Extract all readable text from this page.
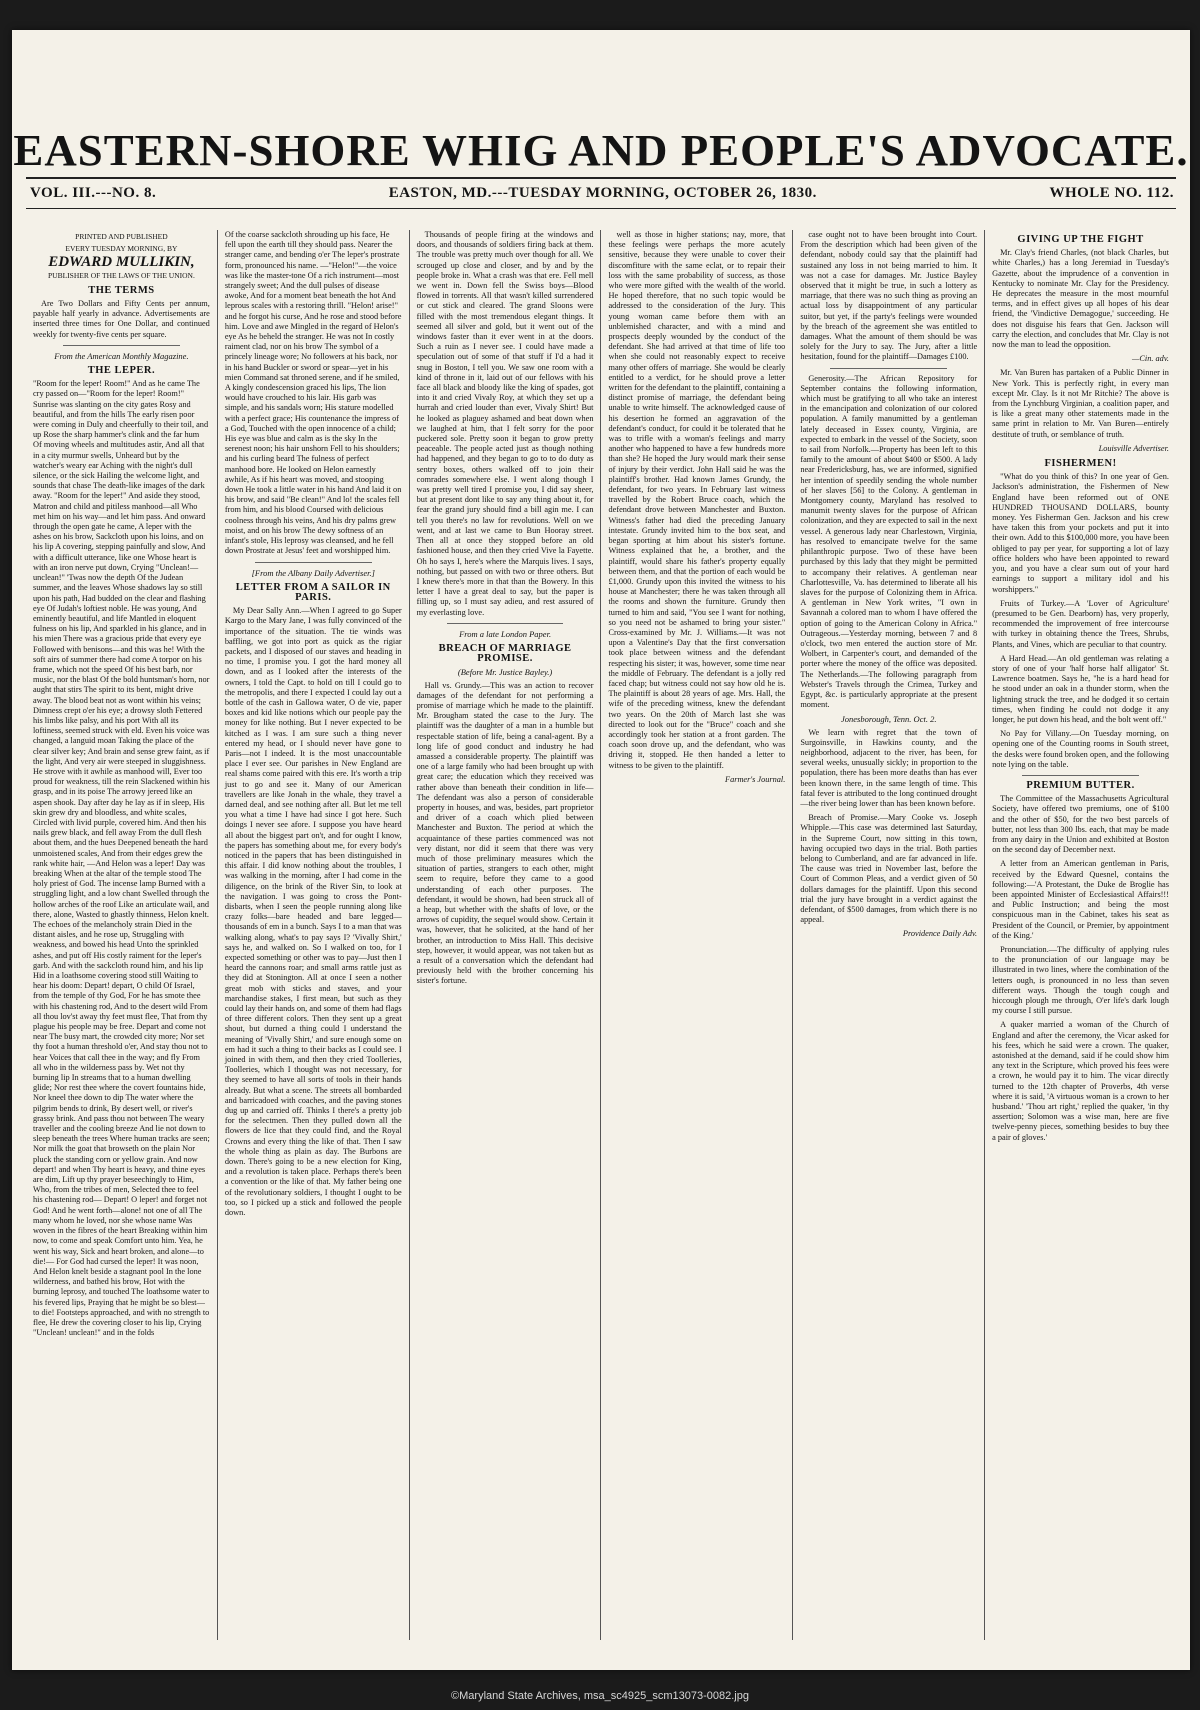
EASTERN-SHORE WHIG AND PEOPLE'S ADVOCATE.
VOL. III.---NO. 8.	EASTON, MD.---TUESDAY MORNING, OCTOBER 26, 1830.	WHOLE NO. 112.
PRINTED AND PUBLISHED
EVERY TUESDAY MORNING, BY
EDWARD MULLIKIN,
PUBLISHER OF THE LAWS OF THE UNION.
THE TERMS

Are Two Dollars and Fifty Cents per annum, payable half yearly in advance. Advertisements are inserted three times for One Dollar, and continued weekly for twenty-five cents per square.

From the American Monthly Magazine.
THE LEPER.

"Room for the leper! Room!" And as he came The cry passed on—"Room for the leper! Room!" Sunrise was slanting on the city gates Rosy and beautiful, and from the hills The early risen poor were coming in Duly and cheerfully to their toil, and up Rose the sharp hammer's clink and the far hum Of moving wheels and multitudes astir, And all that in a city murmur swells, Unheard but by the watcher's weary ear Aching with the night's dull silence, or the sick Hailing the welcome light, and sounds that chase The death-like images of the dark away. "Room for the leper!" And aside they stood, Matron and child and pitiless manhood—all Who met him on his way—and let him pass. And onward through the open gate he came, A leper with the ashes on his brow, Sackcloth upon his loins, and on his lip A covering, stepping painfully and slow, And with a difficult utterance, like one Whose heart is with an iron nerve put down, Crying "Unclean!—unclean!" 'Twas now the depth Of the Judean summer, and the leaves Whose shadows lay so still upon his path, Had budded on the clear and flashing eye Of Judah's loftiest noble. He was young, And eminently beautiful, and life Mantled in eloquent fulness on his lip, And sparkled in his glance, and in his mien There was a gracious pride that every eye Followed with benisons—and this was he! With the soft airs of summer there had come A torpor on his frame, which not the speed Of his best barb, nor music, nor the blast Of the bold huntsman's horn, nor aught that stirs The spirit to its bent, might drive away. The blood beat not as wont within his veins; Dimness crept o'er his eye; a drowsy sloth Fettered his limbs like palsy, and his port With all its loftiness, seemed struck with eld. Even his voice was changed, a languid moan Taking the place of the clear silver key; And brain and sense grew faint, as if the light, And very air were steeped in sluggishness. He strove with it awhile as manhood will, Ever too proud for weakness, till the rein Slackened within his grasp, and in its poise The arrowy jereed like an aspen shook. Day after day he lay as if in sleep, His skin grew dry and bloodless, and white scales, Circled with livid purple, covered him. And then his nails grew black, and fell away From the dull flesh about them, and the hues Deepened beneath the hard unmoistened scales, And from their edges grew the rank white hair, —And Helon was a leper! Day was breaking When at the altar of the temple stood The holy priest of God. The incense lamp Burned with a struggling light, and a low chant Swelled through the hollow arches of the roof Like an articulate wail, and there, alone, Wasted to ghastly thinness, Helon knelt. The echoes of the melancholy strain Died in the distant aisles, and he rose up, Struggling with weakness, and bowed his head Unto the sprinkled ashes, and put off His costly raiment for the leper's garb. And with the sackcloth round him, and his lip Hid in a loathsome covering stood still Waiting to hear his doom: Depart! depart, O child Of Israel, from the temple of thy God, For he has smote thee with his chastening rod, And to the desert wild From all thou lov'st away thy feet must flee, That from thy plague his people may be free. Depart and come not near The busy mart, the crowded city more; Nor set thy foot a human threshold o'er, And stay thou not to hear Voices that call thee in the way; and fly From all who in the wilderness pass by. Wet not thy burning lip In streams that to a human dwelling glide; Nor rest thee where the covert fountains hide, Nor kneel thee down to dip The water where the pilgrim bends to drink, By desert well, or river's grassy brink. And pass thou not between The weary traveller and the cooling breeze And lie not down to sleep beneath the trees Where human tracks are seen; Nor milk the goat that browseth on the plain Nor pluck the standing corn or yellow grain. And now depart! and when Thy heart is heavy, and thine eyes are dim, Lift up thy prayer beseechingly to Him, Who, from the tribes of men, Selected thee to feel his chastening rod— Depart! O leper! and forget not God! And he went forth—alone! not one of all The many whom he loved, nor she whose name Was woven in the fibres of the heart Breaking within him now, to come and speak Comfort unto him. Yea, he went his way, Sick and heart broken, and alone—to die!— For God had cursed the leper! It was noon, And Helon knelt beside a stagnant pool In the lone wilderness, and bathed his brow, Hot with the burning leprosy, and touched The loathsome water to his fevered lips, Praying that he might be so blest—to die! Footsteps approached, and with no strength to flee, He drew the covering closer to his lip, Crying "Unclean! unclean!" and in the folds

Of the coarse sackcloth shrouding up his face, He fell upon the earth till they should pass. Nearer the stranger came, and bending o'er The leper's prostrate form, pronounced his name. —"Helon!"—the voice was like the master-tone Of a rich instrument—most strangely sweet; And the dull pulses of disease awoke, And for a moment beat beneath the hot And leprous scales with a restoring thrill. "Helon! arise!" and he forgot his curse, And he rose and stood before him. Love and awe Mingled in the regard of Helon's eye As he beheld the stranger. He was not In costly raiment clad, nor on his brow The symbol of a princely lineage wore; No followers at his back, nor in his hand Buckler or sword or spear—yet in his mien Command sat throned serene, and if he smiled, A kingly condescension graced his lips, The lion would have crouched to his lair. His garb was simple, and his sandals worn; His stature modelled with a perfect grace; His countenance the impress of a God, Touched with the open innocence of a child; His eye was blue and calm as is the sky In the serenest noon; his hair unshorn Fell to his shoulders; and his curling beard The fulness of perfect manhood bore. He looked on Helon earnestly awhile, As if his heart was moved, and stooping down He took a little water in his hand And laid it on his brow, and said "Be clean!" And lo! the scales fell from him, and his blood Coursed with delicious coolness through his veins, And his dry palms grew moist, and on his brow The dewy softness of an infant's stole, His leprosy was cleansed, and he fell down Prostrate at Jesus' feet and worshipped him.

[From the Albany Daily Advertiser.]
LETTER FROM A SAILOR IN PARIS.

My Dear Sally Ann.—When I agreed to go Super Kargo to the Mary Jane, I was fully convinced of the importance of the situation. The tie winds was baffling, we got into port as quick as the rigiar packets, and I disposed of our staves and heading in no time, I promise you. I got the hard money all down, and as I looked after the interests of the owners, I told the Capt. to hold on till I could go to the metropolis, and there I expected I could lay out a bottle of the cash in Gallowa water, O de vie, paper boxes and kid like notions which our people pay the money for like nothing. But I never expected to be kitched as I was. I am sure such a thing never entered my head, or I should never have gone to Paris—not I indeed. It is the most unaccountable place I ever see. Our parishes in New England are real shams come paired with this ere. It's worth a trip just to go and see it. Many of our American travellers are like Jonah in the whale, they travel a darned deal, and see nothing after all. But let me tell you what a time I have had since I got here. Such doings I never see afore. I suppose you have heard all about the biggest part on't, and for ought I know, the papers has something about me, for every body's noticed in the papers that has been distinguished in this affair. I did know nothing about the troubles, I was walking in the morning, after I had come in the diligence, on the brink of the River Sin, to look at the navigation. I was going to cross the Pont-disbarts, when I seen the people running along like crazy folks—bare headed and bare legged—thousands of em in a bunch. Says I to a man that was walking along, what's to pay says I? 'Vivally Shirt,' says he, and walked on. So I walked on too, for I expected something or other was to pay—Just then I heard the cannons roar; and small arms rattle just as they did at Stonington. All at once I seen a nother great mob with sticks and staves, and your marchandise stakes, I first mean, but such as they could lay their hands on, and some of them had flags of three different colors. Then they sent up a great shout, but durned a thing could I understand the meaning of 'Vivally Shirt,' and sure enough some on em had it such a thing to their backs as I could see. I joined in with them, and then they cried Toolleries, Toolleries, which I thought was not necessary, for they seemed to have all sorts of tools in their hands already. But what a scene. The streets all bombarded and barricadoed with coaches, and the paving stones dug up and carried off. Thinks I there's a pretty job for the selectmen. Then they pulled down all the flowers de lice that they could find, and the Royal Crowns and every thing the like of that. Then I saw the whole thing as plain as day. The Burbons are down. There's going to be a new election for King, and a revolution is taken place. Perhaps there's been a convention or the like of that. My father being one of the revolutionary soldiers, I thought I ought to be too, so I picked up a stick and followed the people down.

Thousands of people firing at the windows and doors, and thousands of soldiers firing back at them. The trouble was pretty much over though for all. We scrouged up close and closer, and by and by the people broke in. What a crash was that ere. Fell mell we went in. Down fell the Swiss boys—Blood flowed in torrents. All that wasn't killed surrendered or cut stick and cleared. The grand Sloons were filled with the most tremendous elegant things. It seemed all silver and gold, but it went out of the windows faster than it ever went in at the doors. Such a ruin as I never see. I could have made a speculation out of some of that stuff if I'd a had it snug in Boston, I tell you. We saw one room with a kind of throne in it, laid out of our fellows with his face all black and bloody like the king of spades, got into it and cried Vivaly Roy, at which they set up a hurrah and cried louder than ever, Vivaly Shirt! But he looked as plaguey ashamed and beat down when we laughed at him, that I felt sorry for the poor puckered sole. Pretty soon it began to grow pretty peaceable. The people acted just as though nothing had happened, and they began to go to to do duty as sentry boxes, others walked off to join their comrades somewhere else. I went along though I was pretty well tired I promise you, I did say sheer, but at present dont like to say any thing about it, for fear the grand jury should find a bill agin me. I can tell you there's no law for revolutions. Well on we went, and at last we came to Bun Hooray street. Then all at once they stopped before an old fashioned house, and then they cried Vive la Fayette. Oh ho says I, here's where the Marquis lives. I says, nothing, but passed on with two or three others. But I knew there's more in that than the Bowery. In this letter I have a great deal to say, but the paper is filling up, so I must say adieu, and rest assured of my everlasting love.

From a late London Paper.
BREACH OF MARRIAGE PROMISE.
(Before Mr. Justice Bayley.)

Hall vs. Grundy.—This was an action to recover damages of the defendant for not performing a promise of marriage which he made to the plaintiff. Mr. Brougham stated the case to the Jury. The plaintiff was the daughter of a man in a humble but respectable station of life, being a canal-agent. By a long life of good conduct and industry he had amassed a considerable property. The plaintiff was one of a large family who had been brought up with great care; the education which they received was rather above than beneath their condition in life—The defendant was also a person of considerable property in houses, and was, besides, part proprietor and driver of a coach which plied between Manchester and Buxton. The period at which the acquaintance of these parties commenced was not very distant, nor did it seem that there was very much of those preliminary measures which the situation of parties, strangers to each other, might seem to require, before they came to a good understanding of each other purposes. The defendant, it would be shown, had been struck all of a heap, but whether with the shafts of love, or the arrows of cupidity, the sequel would show. Certain it was, however, that he solicited, at the hand of her brother, an introduction to Miss Hall. This decisive step, however, it would appear, was not taken but as a result of a conversation which the defendant had previously held with the brother concerning his sister's fortune.

well as those in higher stations; nay, more, that these feelings were perhaps the more acutely sensitive, because they were unable to cover their discomfiture with the same eclat, or to repair their loss with the same probability of success, as those who were more gifted with the wealth of the world. He hoped therefore, that no such topic would be addressed to the consideration of the Jury. This young woman came before them with an unblemished character, and with a mind and prospects deeply wounded by the conduct of the defendant. She had arrived at that time of life too when she could not reasonably expect to receive many other offers of marriage. She would be clearly entitled to a verdict, for he should prove a letter written for the defendant to the plaintiff, containing a distinct promise of marriage, the defendant being unable to write himself. The acknowledged cause of his desertion he formed an aggravation of the defendant's conduct, for could it be tolerated that he was to trifle with a woman's feelings and marry another who happened to have a few hundreds more than she? He hoped the Jury would mark their sense of injury by their verdict. John Hall said he was the plaintiff's brother. Had known James Grundy, the defendant, for two years. In February last witness travelled by the Robert Bruce coach, which the defendant drove between Manchester and Buxton. Witness's father had died the preceding January intestate. Grundy invited him to the box seat, and began sporting at him about his sister's fortune. Witness explained that he, a brother, and the plaintiff, would share his father's property equally between them, and that the portion of each would be £1,000. Grundy upon this invited the witness to his house at Manchester; there he was taken through all the rooms and shown the furniture. Grundy then turned to him and said, "You see I want for nothing, so you need not be ashamed to bring your sister." Cross-examined by Mr. J. Williams.—It was not upon a Valentine's Day that the first conversation took place between witness and the defendant respecting his sister; it was, however, some time near the middle of February. The defendant is a jolly red faced chap; but witness could not say how old he is. The plaintiff is about 28 years of age. Mrs. Hall, the wife of the preceding witness, knew the defendant two years. On the 20th of March last she was directed to look out for the "Bruce" coach and she accordingly took her station at a front garden. The coach soon drove up, and the defendant, who was driving it, stopped. He then handed a letter to witness to be given to the plaintiff.

Farmer's Journal.

case ought not to have been brought into Court. From the description which had been given of the defendant, nobody could say that the plaintiff had sustained any loss in not being married to him. It was not a case for damages. Mr. Justice Bayley observed that it might be true, in such a lottery as marriage, that there was no such thing as proving an actual loss by disappointment of any particular suitor, but yet, if the party's feelings were wounded by the breach of the agreement she was entitled to damages. What the amount of them should be was solely for the Jury to say. The Jury, after a little hesitation, found for the plaintiff—Damages £100.

Generosity.—The African Repository for September contains the following information, which must be gratifying to all who take an interest in the emancipation and colonization of our colored population. A family manumitted by a gentleman lately deceased in Essex county, Virginia, are expected to embark in the vessel of the Society, soon to sail from Norfolk.—Property has been left to this family to the amount of about $400 or $500. A lady near Fredericksburg, has, we are informed, signified her intention of speedily sending the whole number of her slaves [56] to the Colony. A gentleman in Montgomery county, Maryland has resolved to manumit twenty slaves for the purpose of African colonization, and they are expected to sail in the next vessel. A generous lady near Charlestown, Virginia, has resolved to emancipate twelve for the same philanthropic purpose. Two of these have been purchased by this lady that they might be permitted to accompany their relatives. A gentleman near Charlottesville, Va. has determined to liberate all his slaves for the purpose of Colonizing them in Africa. A gentleman in New York writes, "I own in Savannah a colored man to whom I have offered the option of going to the American Colony in Africa." Outrageous.—Yesterday morning, between 7 and 8 o'clock, two men entered the auction store of Mr. Wolbert, in Carpenter's court, and demanded of the porter where the money of the office was deposited. The Netherlands.—The following paragraph from Webster's Travels through the Crimea, Turkey and Egypt, &c. is particularly appropriate at the present moment.

Jonesborough, Tenn. Oct. 2.

We learn with regret that the town of Surgoinsville, in Hawkins county, and the neighborhood, adjacent to the river, has been, for several weeks, unusually sickly; in proportion to the population, there has been more deaths than has ever been known there, in the same length of time. This fatal fever is attributed to the long continued drought—the river being lower than has been known before.

Breach of Promise.—Mary Cooke vs. Joseph Whipple.—This case was determined last Saturday, in the Supreme Court, now sitting in this town, having occupied two days in the trial. Both parties belong to Cumberland, and are far advanced in life. The cause was tried in November last, before the Court of Common Pleas, and a verdict given of 50 dollars damages for the plaintiff. Upon this second trial the jury have brought in a verdict against the defendant, of $500 damages, from which there is no appeal.

Providence Daily Adv.
GIVING UP THE FIGHT

Mr. Clay's friend Charles, (not black Charles, but white Charles,) has a long Jeremiad in Tuesday's Gazette, about the imprudence of a convention in Kentucky to nominate Mr. Clay for the Presidency. He deprecates the measure in the most mournful terms, and in effect gives up all hopes of his dear friend, the 'Vindictive Demagogue,' succeeding. He does not disguise his fears that Gen. Jackson will carry the election, and concludes that Mr. Clay is not now the man to lead the opposition.

—Cin. adv.

Mr. Van Buren has partaken of a Public Dinner in New York. This is perfectly right, in every man except Mr. Clay. Is it not Mr Ritchie? The above is from the Lynchburg Virginian, a coalition paper, and is like a great many other statements made in the same print in relation to Mr. Van Buren—entirely destitute of truth, or semblance of truth.

Louisville Advertiser.
FISHERMEN!

"What do you think of this? In one year of Gen. Jackson's administration, the Fishermen of New England have been reformed out of ONE HUNDRED THOUSAND DOLLARS, bounty money. Yes Fisherman Gen. Jackson and his crew have taken this from your pockets and put it into their own. Add to this $100,000 more, you have been obliged to pay per year, for supporting a lot of lazy office holders who have been appointed to reward you, and you have a clear sum out of your hard earnings to support a military idol and his worshippers."

Fruits of Turkey.—A 'Lover of Agriculture' (presumed to be Gen. Dearborn) has, very properly, recommended the improvement of free intercourse with turkey in obtaining thence the Trees, Shrubs, Plants, and Vines, which are peculiar to that country.

A Hard Head.—An old gentleman was relating a story of one of your 'half horse half alligator' St. Lawrence boatmen. Says he, "he is a hard head for he stood under an oak in a thunder storm, when the lightning struck the tree, and he dodged it so certain times, when finding he could not dodge it any longer, he put down his head, and the bolt went off."

No Pay for Villany.—On Tuesday morning, on opening one of the Counting rooms in South street, the desks were found broken open, and the following note lying on the table.

PREMIUM BUTTER.

The Committee of the Massachusetts Agricultural Society, have offered two premiums, one of $100 and the other of $50, for the two best parcels of butter, not less than 300 lbs. each, that may be made from any dairy in the Union and exhibited at Boston on the second day of December next.

A letter from an American gentleman in Paris, received by the Edward Quesnel, contains the following:—'A Protestant, the Duke de Broglie has been appointed Minister of Ecclesiastical Affairs!!! and Public Instruction; and being the most conspicuous man in the Cabinet, takes his seat as President of the Council, or Premier, by appointment of the King.'

Pronunciation.—The difficulty of applying rules to the pronunciation of our language may be illustrated in two lines, where the combination of the letters ough, is pronounced in no less than seven different ways. Though the tough cough and hiccough plough me through, O'er life's dark lough my course I still pursue.

A quaker married a woman of the Church of England and after the ceremony, the Vicar asked for his fees, which he said were a crown. The quaker, astonished at the demand, said if he could show him any text in the Scripture, which proved his fees were a crown, he would pay it to him. The vicar directly turned to the 12th chapter of Proverbs, 4th verse where it is said, 'A virtuous woman is a crown to her husband.' 'Thou art right,' replied the quaker, 'in thy assertion; Solomon was a wise man, here are five twelve-penny pieces, something besides to buy thee a pair of gloves.'

©Maryland State Archives, msa_sc4925_scm13073-0082.jpg
